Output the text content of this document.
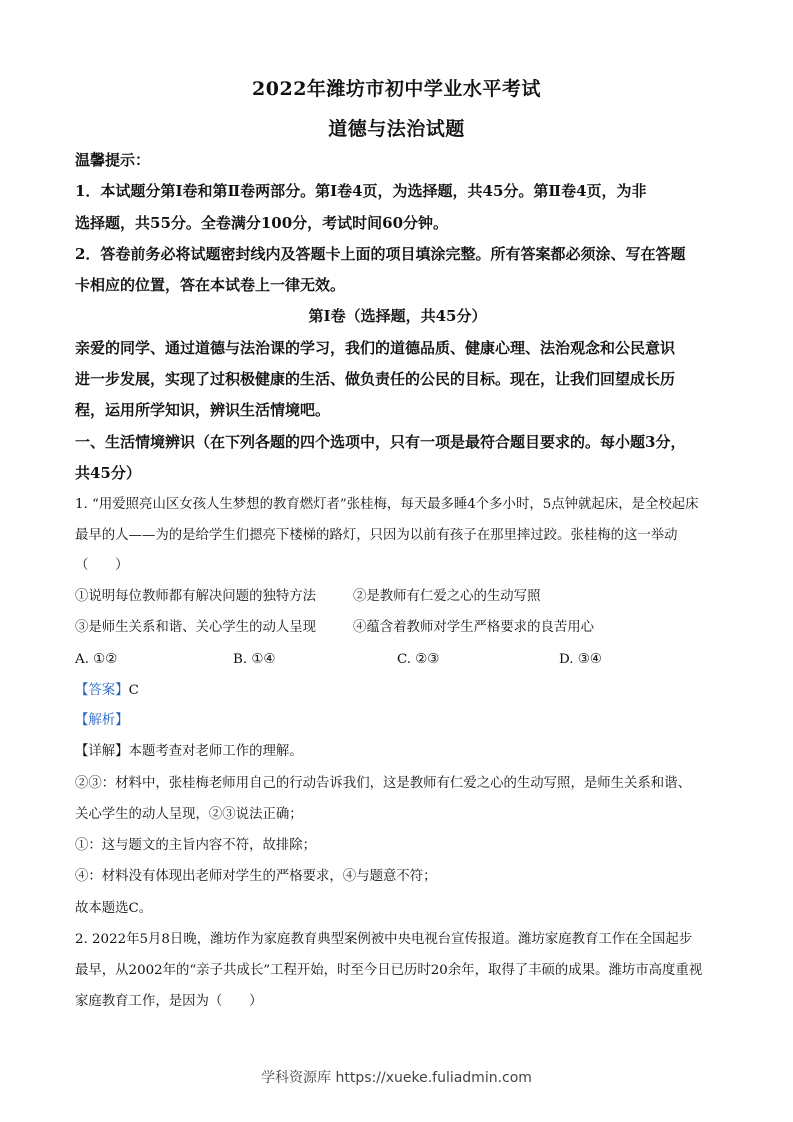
2022年潍坊市初中学业水平考试
道德与法治试题
温馨提示：
1．本试题分第Ⅰ卷和第Ⅱ卷两部分。第Ⅰ卷4页，为选择题，共45分。第Ⅱ卷4页，为非
选择题，共55分。全卷满分100分，考试时间60分钟。
2．答卷前务必将试题密封线内及答题卡上面的项目填涂完整。所有答案都必须涂、写在答题
卡相应的位置，答在本试卷上一律无效。
第Ⅰ卷（选择题，共45分）
亲爱的同学、通过道德与法治课的学习，我们的道德品质、健康心理、法治观念和公民意识
进一步发展，实现了过积极健康的生活、做负责任的公民的目标。现在，让我们回望成长历
程，运用所学知识，辨识生活情境吧。
一、生活情境辨识（在下列各题的四个选项中，只有一项是最符合题目要求的。每小题3分，
共45分）
1. “用爱照亮山区女孩人生梦想的教育燃灯者”张桂梅，每天最多睡4个多小时，5点钟就起床，是全校起床
最早的人——为的是给学生们摁亮下楼梯的路灯，只因为以前有孩子在那里摔过跤。张桂梅的这一举动
（　　）
①说明每位教师都有解决问题的独特方法	②是教师有仁爱之心的生动写照
③是师生关系和谐、关心学生的动人呈现	④蕴含着教师对学生严格要求的良苦用心
A. ①②	B. ①④	C. ②③	D. ③④
【答案】C
【解析】
【详解】本题考查对老师工作的理解。
②③：材料中，张桂梅老师用自己的行动告诉我们，这是教师有仁爱之心的生动写照，是师生关系和谐、
关心学生的动人呈现，②③说法正确；
①：这与题文的主旨内容不符，故排除；
④：材料没有体现出老师对学生的严格要求，④与题意不符；
故本题选C。
2. 2022年5月8日晚，潍坊作为家庭教育典型案例被中央电视台宣传报道。潍坊家庭教育工作在全国起步
最早，从2002年的“亲子共成长”工程开始，时至今日已历时20余年，取得了丰硕的成果。潍坊市高度重视
家庭教育工作，是因为（　　）
学科资源库 https://xueke.fuliadmin.com
